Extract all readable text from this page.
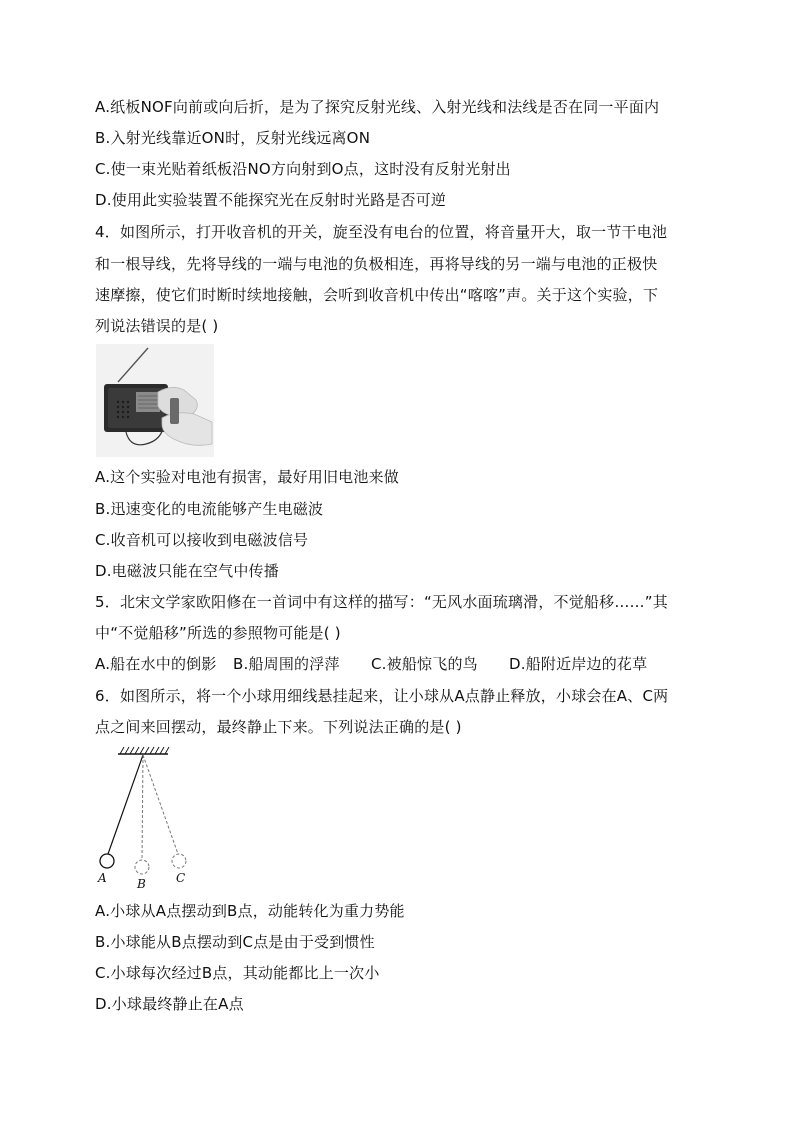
A.纸板NOF向前或向后折，是为了探究反射光线、入射光线和法线是否在同一平面内
B.入射光线靠近ON时，反射光线远离ON
C.使一束光贴着纸板沿NO方向射到O点，这时没有反射光射出
D.使用此实验装置不能探究光在反射时光路是否可逆
4．如图所示，打开收音机的开关，旋至没有电台的位置，将音量开大，取一节干电池
和一根导线，先将导线的一端与电池的负极相连，再将导线的另一端与电池的正极快
速摩擦，使它们时断时续地接触，会听到收音机中传出“喀喀”声。关于这个实验，下
列说法错误的是( )
A.这个实验对电池有损害，最好用旧电池来做
B.迅速变化的电流能够产生电磁波
C.收音机可以接收到电磁波信号
D.电磁波只能在空气中传播
5．北宋文学家欧阳修在一首词中有这样的描写：“无风水面琉璃滑，不觉船移……”其
中“不觉船移”所选的参照物可能是( )
A.船在水中的倒影 B.船周围的浮萍 C.被船惊飞的鸟 D.船附近岸边的花草
6．如图所示，将一个小球用细线悬挂起来，让小球从A点静止释放，小球会在A、C两
点之间来回摆动，最终静止下来。下列说法正确的是( )
A	B	C
A.小球从A点摆动到B点，动能转化为重力势能
B.小球能从B点摆动到C点是由于受到惯性
C.小球每次经过B点，其动能都比上一次小
D.小球最终静止在A点
